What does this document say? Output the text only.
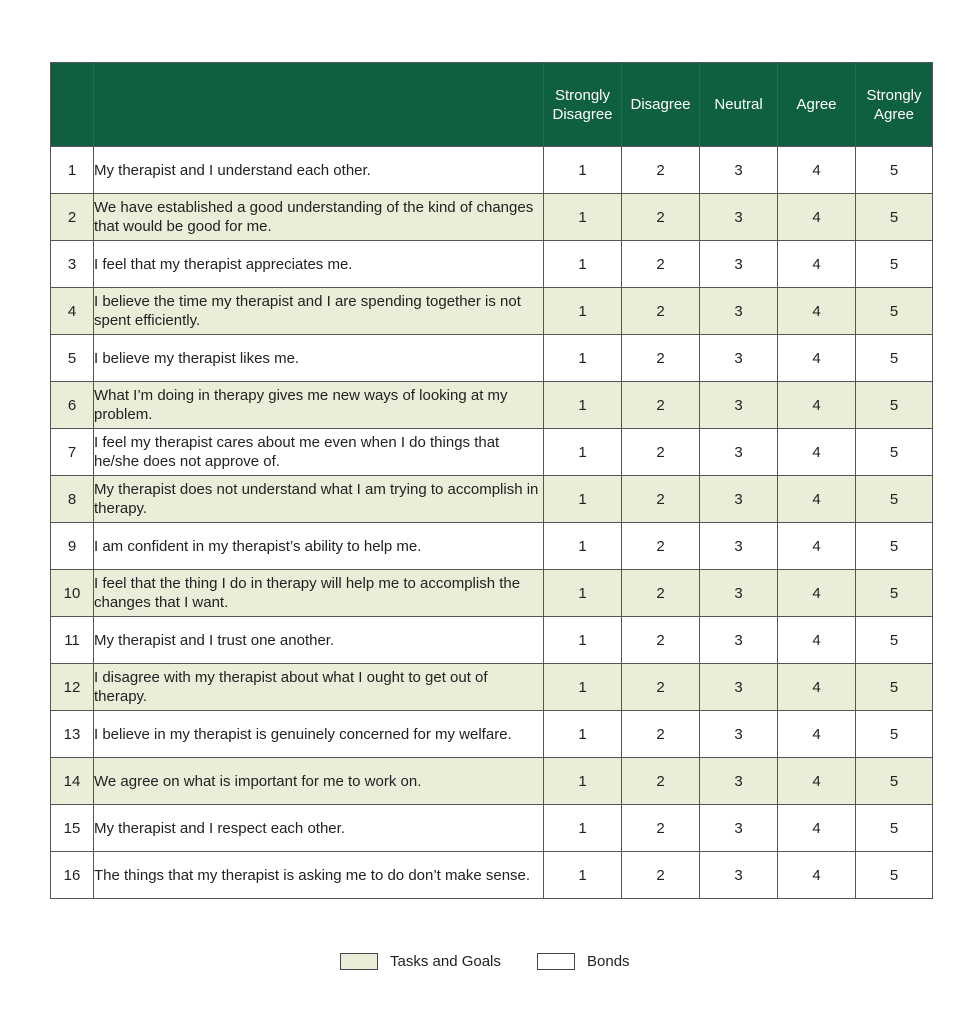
		Strongly Disagree	Disagree	Neutral	Agree	Strongly Agree
1	My therapist and I understand each other.	1	2	3	4	5
2	We have established a good understanding of the kind of changes that would be good for me.	1	2	3	4	5
3	I feel that my therapist appreciates me.	1	2	3	4	5
4	I believe the time my therapist and I are spending together is not spent efficiently.	1	2	3	4	5
5	I believe my therapist likes me.	1	2	3	4	5
6	What I’m doing in therapy gives me new ways of looking at my problem.	1	2	3	4	5
7	I feel my therapist cares about me even when I do things that he/she does not approve of.	1	2	3	4	5
8	My therapist does not understand what I am trying to accomplish in therapy.	1	2	3	4	5
9	I am confident in my therapist’s ability to help me.	1	2	3	4	5
10	I feel that the thing I do in therapy will help me to accomplish the changes that I want.	1	2	3	4	5
11	My therapist and I trust one another.	1	2	3	4	5
12	I disagree with my therapist about what I ought to get out of therapy.	1	2	3	4	5
13	I believe in my therapist is genuinely concerned for my welfare.	1	2	3	4	5
14	We agree on what is important for me to work on.	1	2	3	4	5
15	My therapist and I respect each other.	1	2	3	4	5
16	The things that my therapist is asking me to do don’t make sense.	1	2	3	4	5
Tasks and Goals	Bonds
